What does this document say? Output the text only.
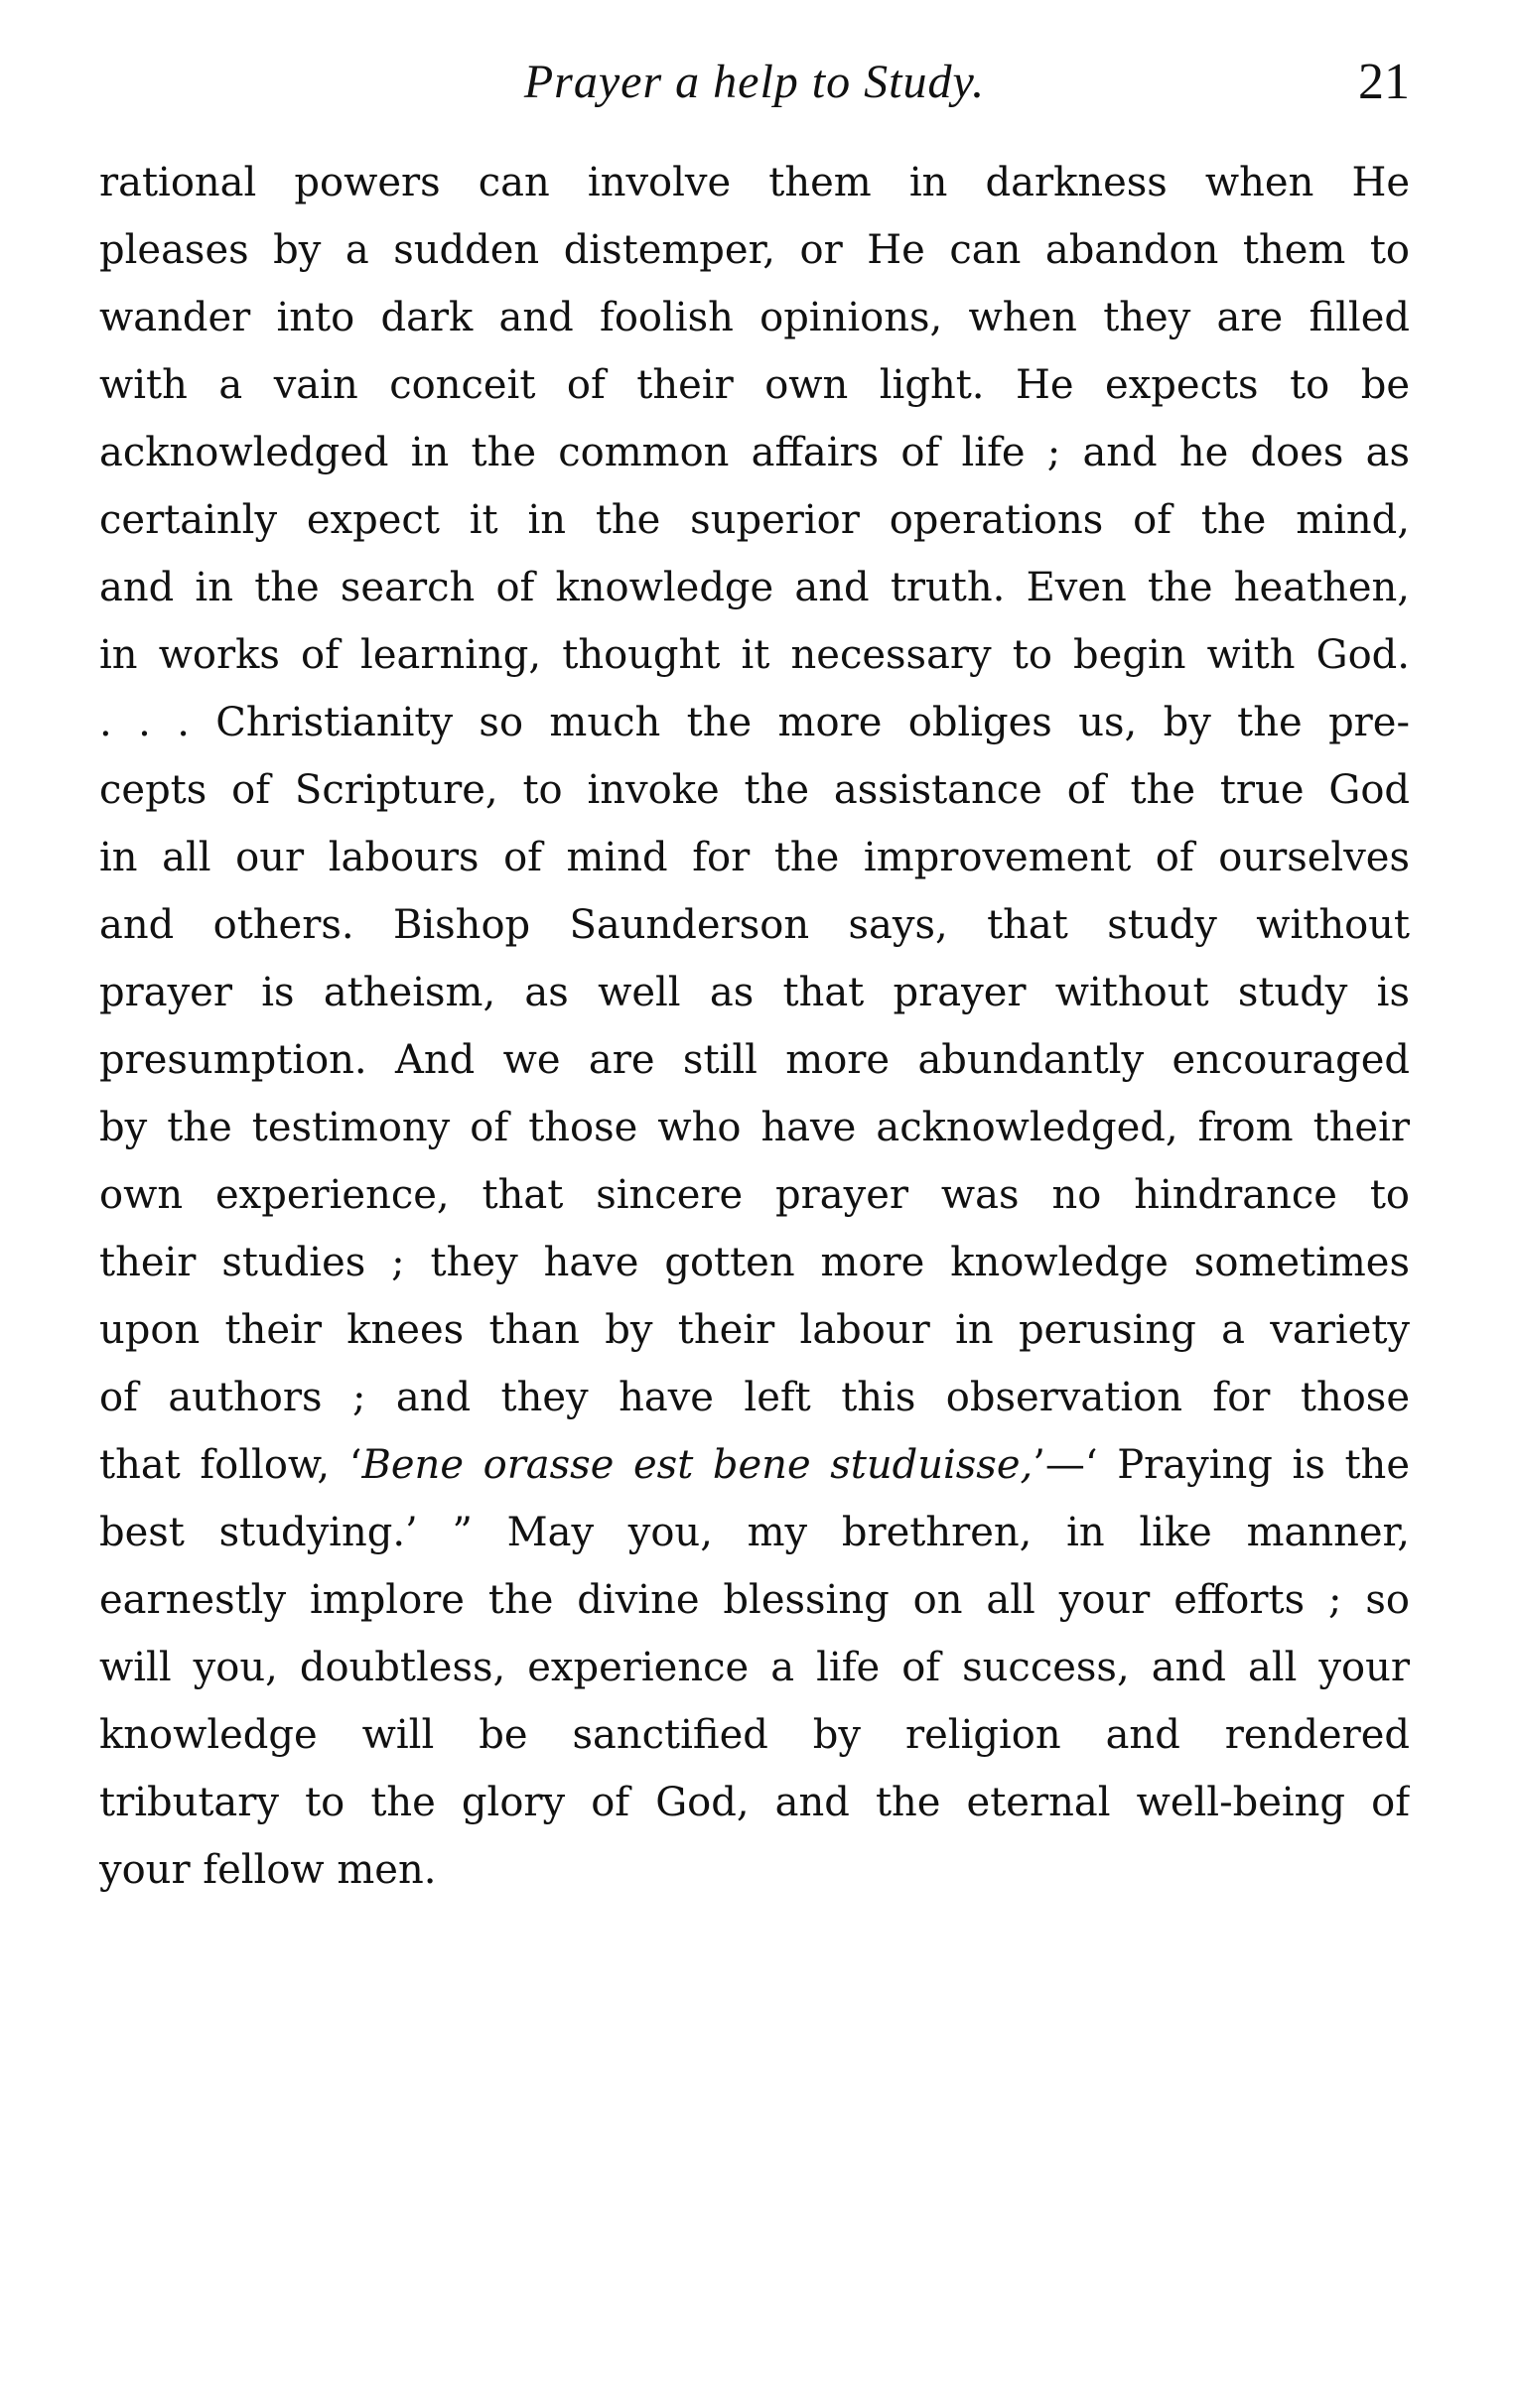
Prayer a help to Study.	21
rational powers can involve them in darkness when He
pleases by a sudden distemper, or He can abandon them to
wander into dark and foolish opinions, when they are filled
with a vain conceit of their own light. He expects to be
acknowledged in the common affairs of life ; and he does as
certainly expect it in the superior operations of the mind,
and in the search of knowledge and truth. Even the heathen,
in works of learning, thought it necessary to begin with God.
. . . Christianity so much the more obliges us, by the pre-
cepts of Scripture, to invoke the assistance of the true God
in all our labours of mind for the improvement of ourselves
and others. Bishop Saunderson says, that study without
prayer is atheism, as well as that prayer without study is
presumption. And we are still more abundantly encouraged
by the testimony of those who have acknowledged, from their
own experience, that sincere prayer was no hindrance to
their studies ; they have gotten more knowledge sometimes
upon their knees than by their labour in perusing a variety
of authors ; and they have left this observation for those
that follow, ‘Bene orasse est bene studuisse,’—‘ Praying is the
best studying.’ ” May you, my brethren, in like manner,
earnestly implore the divine blessing on all your efforts ; so
will you, doubtless, experience a life of success, and all your
knowledge will be sanctified by religion and rendered
tributary to the glory of God, and the eternal well-being of
your fellow men.
